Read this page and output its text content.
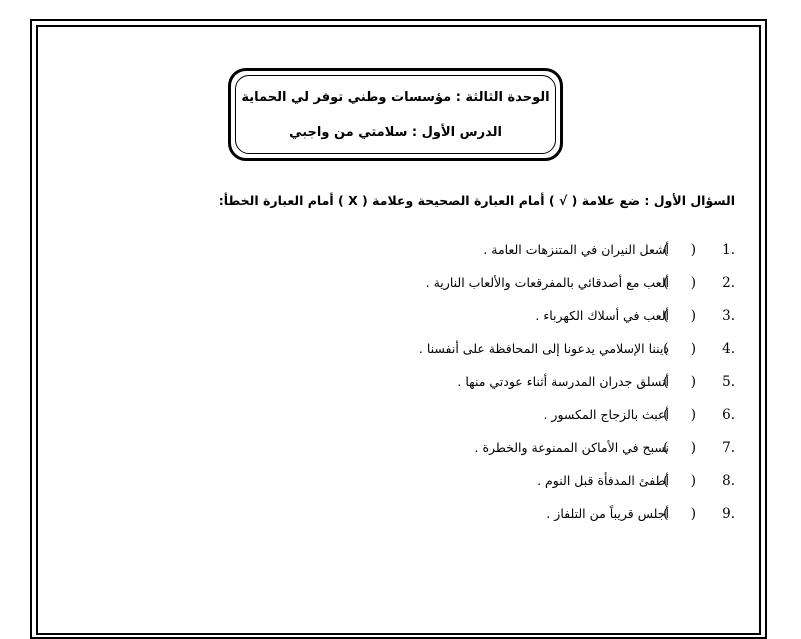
الوحدة الثالثة : مؤسسات وطني توفر لي الحماية
الدرس الأول : سلامتي من واجبي
السؤال الأول : ضع علامة ( √ ) أمام العبارة الصحيحة وعلامة ( X ) أمام العبارة الخطأ:
.1
( )
أشعل النيران في المتنزهات العامة .
.2
( )
ألعب مع أصدقائي بالمفرقعات والألعاب النارية .
.3
( )
ألعب في أسلاك الكهرباء .
.4
( )
ديننا الإسلامي يدعونا إلى المحافظة على أنفسنا .
.5
( )
أتسلق جدران المدرسة أثناء عودتي منها .
.6
( )
أعبث بالزجاج المكسور .
.7
( )
نسبح في الأماكن الممنوعة والخطرة .
.8
( )
أطفئ المدفأة قبل النوم .
.9
( )
أجلس قريباً من التلفاز .
